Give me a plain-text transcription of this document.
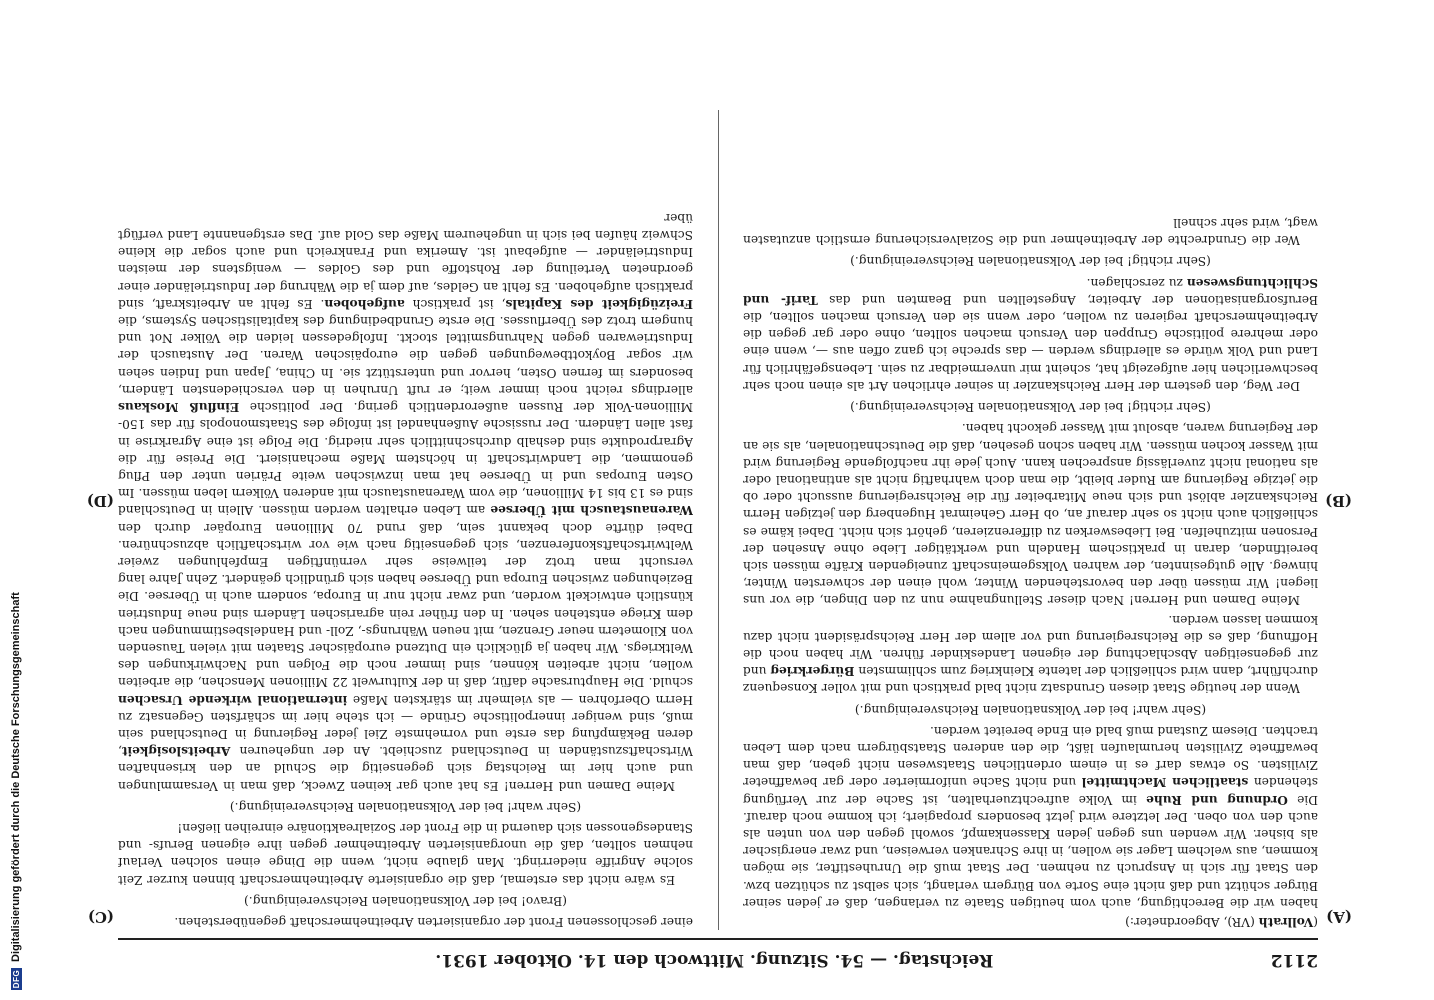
DFG
Digitalisierung gefördert durch die Deutsche Forschungsgemeinschaft	2112
Reichstag. — 54. Sitzung. Mittwoch den 14. Oktober 1931.
(A)
(B)
(C)
(D)

(Vollrath (VR), Abgeordneter:)

haben wir die Berechtigung, auch vom heutigen Staate zu verlangen, daß er jeden seiner Bürger schützt und daß nicht eine Sorte von Bürgern verlangt, sich selbst zu schützen bzw. den Staat für sich in Anspruch zu nehmen. Der Staat muß die Unruhestifter, sie mögen kommen, aus welchem Lager sie wollen, in ihre Schranken verweisen, und zwar energischer als bisher. Wir wenden uns gegen jeden Klassenkampf, sowohl gegen den von unten als auch den von oben. Der letztere wird jetzt besonders propagiert; ich komme noch darauf. Die Ordnung und Ruhe im Volke aufrechtzuerhalten, ist Sache der zur Verfügung stehenden staatlichen Machtmittel und nicht Sache uniformierter oder gar bewaffneter Zivilisten. So etwas darf es in einem ordentlichen Staatswesen nicht geben, daß man bewaffnete Zivilisten herumlaufen läßt, die den anderen Staatsbürgern nach dem Leben trachten. Diesem Zustand muß bald ein Ende bereitet werden.

(Sehr wahr! bei der Volksnationalen Reichsvereinigung.)

Wenn der heutige Staat diesen Grundsatz nicht bald praktisch und mit voller Konsequenz durchführt, dann wird schließlich der latente Kleinkrieg zum schlimmsten Bürgerkrieg und zur gegenseitigen Abschlachtung der eigenen Landeskinder führen. Wir haben noch die Hoffnung, daß es die Reichsregierung und vor allem der Herr Reichspräsident nicht dazu kommen lassen werden.

Meine Damen und Herren! Nach dieser Stellungnahme nun zu den Dingen, die vor uns liegen! Wir müssen über den bevorstehenden Winter, wohl einen der schwersten Winter, hinweg. Alle gutgesinnten, der wahren Volksgemeinschaft zuneigenden Kräfte müssen sich bereitfinden, daran in praktischem Handeln und werktätiger Liebe ohne Ansehen der Personen mitzuhelfen. Bei Liebeswerken zu differenzieren, gehört sich nicht. Dabei käme es schließlich auch nicht so sehr darauf an, ob Herr Geheimrat Hugenberg den jetzigen Herrn Reichskanzler ablöst und sich neue Mitarbeiter für die Reichsregierung aussucht oder ob die jetzige Regierung am Ruder bleibt, die man doch wahrhaftig nicht als antinational oder als national nicht zuverlässig ansprechen kann. Auch jede ihr nachfolgende Regierung wird mit Wasser kochen müssen. Wir haben schon gesehen, daß die Deutschnationalen, als sie an der Regierung waren, absolut mit Wasser gekocht haben.

(Sehr richtig! bei der Volksnationalen Reichsvereinigung.)

Der Weg, den gestern der Herr Reichskanzler in seiner ehrlichen Art als einen noch sehr beschwerlichen hier aufgezeigt hat, scheint mir unvermeidbar zu sein. Lebensgefährlich für Land und Volk würde es allerdings werden — das spreche ich ganz offen aus —, wenn eine oder mehrere politische Gruppen den Versuch machen sollten, ohne oder gar gegen die Arbeitnehmerschaft regieren zu wollen, oder wenn sie den Versuch machen sollten, die Berufsorganisationen der Arbeiter, Angestellten und Beamten und das Tarif- und Schlichtungswesen zu zerschlagen.

(Sehr richtig! bei der Volksnationalen Reichsvereinigung.)

Wer die Grundrechte der Arbeitnehmer und die Sozialversicherung ernstlich anzutasten wagt, wird sehr schnell

einer geschlossenen Front der organisierten Arbeitnehmerschaft gegenüberstehen.

(Bravo! bei der Volksnationalen Reichsvereinigung.)

Es wäre nicht das erstemal, daß die organisierte Arbeitnehmerschaft binnen kurzer Zeit solche Angriffe niederringt. Man glaube nicht, wenn die Dinge einen solchen Verlauf nehmen sollten, daß die unorganisierten Arbeitnehmer gegen ihre eigenen Berufs- und Standesgenossen sich dauernd in die Front der Sozialreaktionäre einreihen ließen!

(Sehr wahr! bei der Volksnationalen Reichsvereinigung.)

Meine Damen und Herren! Es hat auch gar keinen Zweck, daß man in Versammlungen und auch hier im Reichstag sich gegenseitig die Schuld an den krisenhaften Wirtschaftszuständen in Deutschland zuschiebt. An der ungeheuren Arbeitslosigkeit, deren Bekämpfung das erste und vornehmste Ziel jeder Regierung in Deutschland sein muß, sind weniger innerpolitische Gründe — ich stehe hier im schärfsten Gegensatz zu Herrn Oberfohren — als vielmehr im stärksten Maße international wirkende Ursachen schuld. Die Hauptursache dafür, daß in der Kulturwelt 22 Millionen Menschen, die arbeiten wollen, nicht arbeiten können, sind immer noch die Folgen und Nachwirkungen des Weltkriegs. Wir haben ja glücklich ein Dutzend europäischer Staaten mit vielen Tausenden von Kilometern neuer Grenzen, mit neuen Währungs-, Zoll- und Handelsbestimmungen nach dem Kriege entstehen sehen. In den früher rein agrarischen Ländern sind neue Industrien künstlich entwickelt worden, und zwar nicht nur in Europa, sondern auch in Übersee. Die Beziehungen zwischen Europa und Übersee haben sich gründlich geändert. Zehn Jahre lang versucht man trotz der teilweise sehr vernünftigen Empfehlungen zweier Weltwirtschaftskonferenzen, sich gegenseitig nach wie vor wirtschaftlich abzuschnüren. Dabei dürfte doch bekannt sein, daß rund 70 Millionen Europäer durch den Warenaustausch mit Übersee am Leben erhalten werden müssen. Allein in Deutschland sind es 13 bis 14 Millionen, die vom Warenaustausch mit anderen Völkern leben müssen. Im Osten Europas und in Übersee hat man inzwischen weite Prärien unter den Pflug genommen, die Landwirtschaft in höchstem Maße mechanisiert. Die Preise für die Agrarprodukte sind deshalb durchschnittlich sehr niedrig. Die Folge ist eine Agrarkrise in fast allen Ländern. Der russische Außenhandel ist infolge des Staatsmonopols für das 150-Millionen-Volk der Russen außerordentlich gering. Der politische Einfluß Moskaus allerdings reicht noch immer weit; er ruft Unruhen in den verschiedensten Ländern, besonders im fernen Osten, hervor und unterstützt sie. In China, Japan und Indien sehen wir sogar Boykottbewegungen gegen die europäischen Waren. Der Austausch der Industriewaren gegen Nahrungsmittel stockt. Infolgedessen leiden die Völker Not und hungern trotz des Überflusses. Die erste Grundbedingung des kapitalistischen Systems, die Freizügigkeit des Kapitals, ist praktisch aufgehoben. Es fehlt an Arbeitskraft, sind praktisch aufgehoben. Es fehlt an Geldes, auf dem ja die Währung der Industrieländer einer geordneten Verteilung der Rohstoffe und des Goldes — wenigstens der meisten Industrieländer — aufgebaut ist. Amerika und Frankreich und auch sogar die kleine Schweiz häufen bei sich in ungeheurem Maße das Gold auf. Das erstgenannte Land verfügt über
